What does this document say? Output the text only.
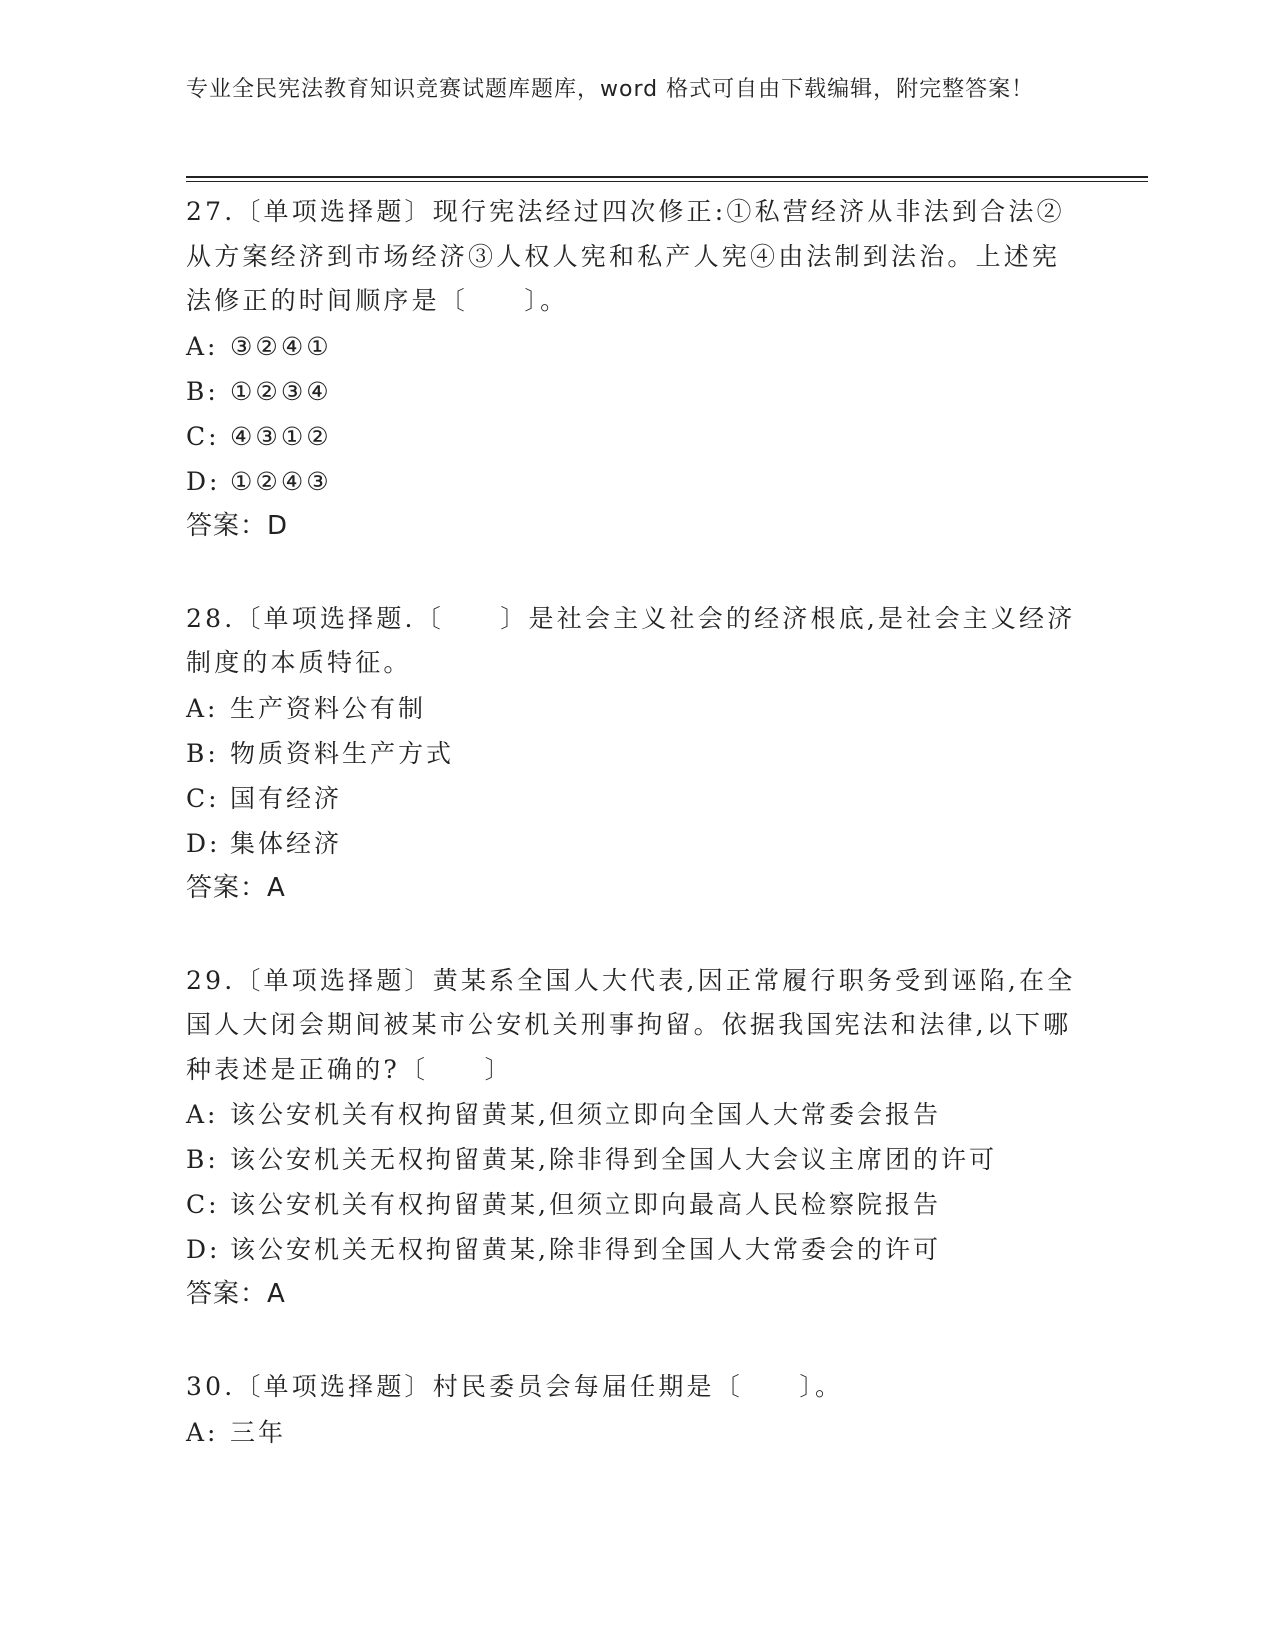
专业全民宪法教育知识竞赛试题库题库，word 格式可自由下载编辑，附完整答案！

27.〔单项选择题〕现行宪法经过四次修正:①私营经济从非法到合法②从方案经济到市场经济③人权人宪和私产人宪④由法制到法治。上述宪法修正的时间顺序是〔　　〕。

A: ③②④①

B: ①②③④

C: ④③①②

D: ①②④③

答案：D

28.〔单项选择题.〔　　〕是社会主义社会的经济根底,是社会主义经济制度的本质特征。

A: 生产资料公有制

B: 物质资料生产方式

C: 国有经济

D: 集体经济

答案：A

29.〔单项选择题〕黄某系全国人大代表,因正常履行职务受到诬陷,在全国人大闭会期间被某市公安机关刑事拘留。依据我国宪法和法律,以下哪种表述是正确的?〔　　〕

A: 该公安机关有权拘留黄某,但须立即向全国人大常委会报告

B: 该公安机关无权拘留黄某,除非得到全国人大会议主席团的许可

C: 该公安机关有权拘留黄某,但须立即向最高人民检察院报告

D: 该公安机关无权拘留黄某,除非得到全国人大常委会的许可

答案：A

30.〔单项选择题〕村民委员会每届任期是〔　　〕。

A: 三年
